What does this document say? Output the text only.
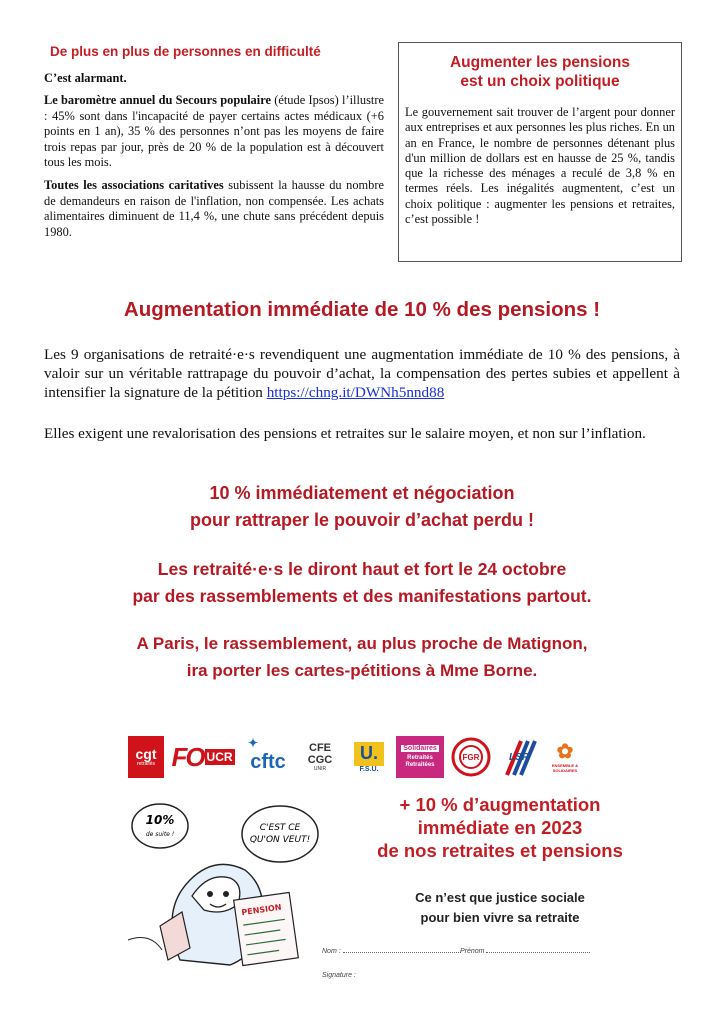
De plus en plus de personnes en difficulté

C’est alarmant.

Le baromètre annuel du Secours populaire (étude Ipsos) l’illustre : 45% sont dans l'incapacité de payer certains actes médicaux (+6 points en 1 an), 35 % des personnes n’ont pas les moyens de faire trois repas par jour, près de 20 % de la population est à découvert tous les mois.

Toutes les associations caritatives subissent la hausse du nombre de demandeurs en raison de l'inflation, non compensée. Les achats alimentaires diminuent de 11,4 %, une chute sans précédent depuis 1980.

Augmenter les pensions
est un choix politique

Le gouvernement sait trouver de l’argent pour donner aux entreprises et aux personnes les plus riches. En un an en France, le nombre de personnes détenant plus d'un million de dollars est en hausse de 25 %, tandis que la richesse des ménages a reculé de 3,8 % en termes réels. Les inégalités augmentent, c’est un choix politique : augmenter les pensions et retraites, c’est possible !

Augmentation immédiate de 10 % des pensions !

Les 9 organisations de retraité·e·s revendiquent une augmentation immédiate de 10 % des pensions, à valoir sur un véritable rattrapage du pouvoir d’achat, la compensation des pertes subies et appellent à intensifier la signature de la pétition https://chng.it/DWNh5nnd88

Elles exigent une revalorisation des pensions et retraites sur le salaire moyen, et non sur l’inflation.

10 % immédiatement et négociation
pour rattraper le pouvoir d’achat perdu !
Les retraité·e·s le diront haut et fort le 24 octobre
par des rassemblements et des manifestations partout.
A Paris, le rassemblement, au plus proche de Matignon,
ira porter les cartes-pétitions à Mme Borne.
cgt
retraités FO UCR
✦
cftc
CFE CGC
UNIR
U.
F.S.U.
Solidaires
Retraités Retraitées
FGR	LSR ✿
ENSEMBLE & SOLIDAIRES
10%
de suite !
C'EST CE
QU'ON VEUT!
PENSION
+ 10 % d’augmentation
immédiate en 2023
de nos retraites et pensions
Ce n’est que justice sociale
pour bien vivre sa retraite
Nom :	Prénom
Signature :
